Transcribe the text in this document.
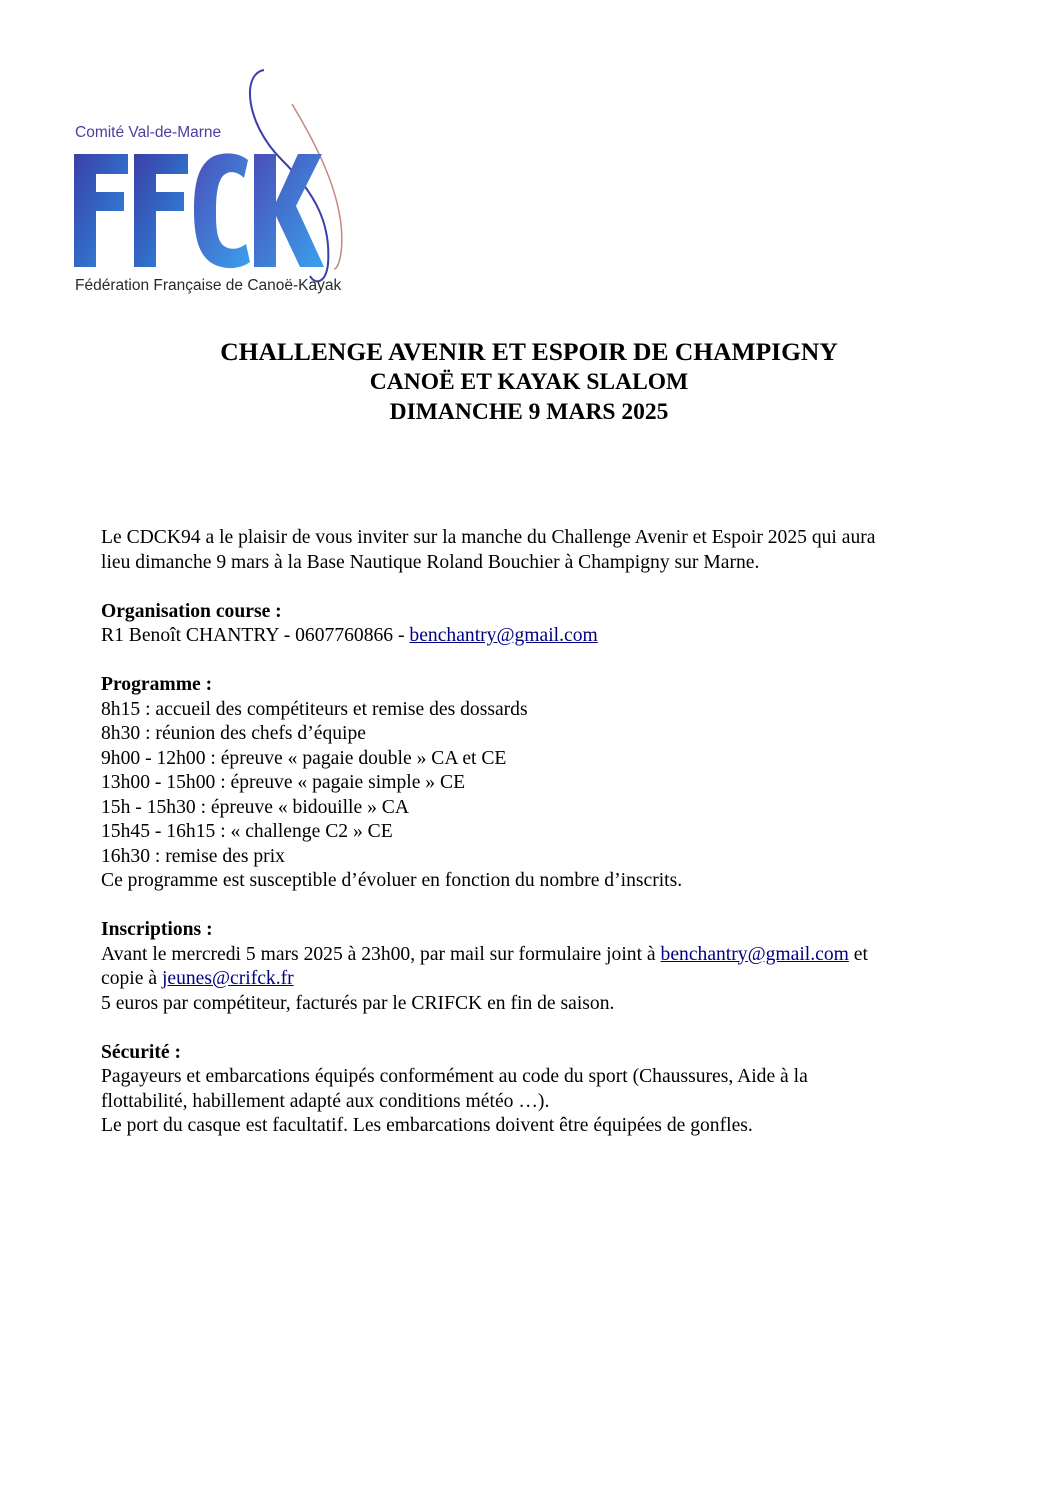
Comité Val-de-Marne
Fédération Française de Canoë-Kayak
CHALLENGE AVENIR ET ESPOIR DE CHAMPIGNY
CANOË ET KAYAK SLALOM
DIMANCHE 9 MARS 2025

Le CDCK94 a le plaisir de vous inviter sur la manche du Challenge Avenir et Espoir 2025 qui aura

lieu dimanche 9 mars à la Base Nautique Roland Bouchier à Champigny sur Marne.

Organisation course :

R1 Benoît CHANTRY - 0607760866 - benchantry@gmail.com

Programme :

8h15 : accueil des compétiteurs et remise des dossards

8h30 : réunion des chefs d’équipe

9h00 - 12h00 : épreuve « pagaie double » CA et CE

13h00 - 15h00 : épreuve « pagaie simple » CE

15h - 15h30 : épreuve « bidouille » CA

15h45 - 16h15 : « challenge C2 » CE

16h30 : remise des prix

Ce programme est susceptible d’évoluer en fonction du nombre d’inscrits.

Inscriptions :

Avant le mercredi 5 mars 2025 à 23h00, par mail sur formulaire joint à benchantry@gmail.com et

copie à jeunes@crifck.fr

5 euros par compétiteur, facturés par le CRIFCK en fin de saison.

Sécurité :

Pagayeurs et embarcations équipés conformément au code du sport (Chaussures, Aide à la

flottabilité, habillement adapté aux conditions météo …).

Le port du casque est facultatif. Les embarcations doivent être équipées de gonfles.
